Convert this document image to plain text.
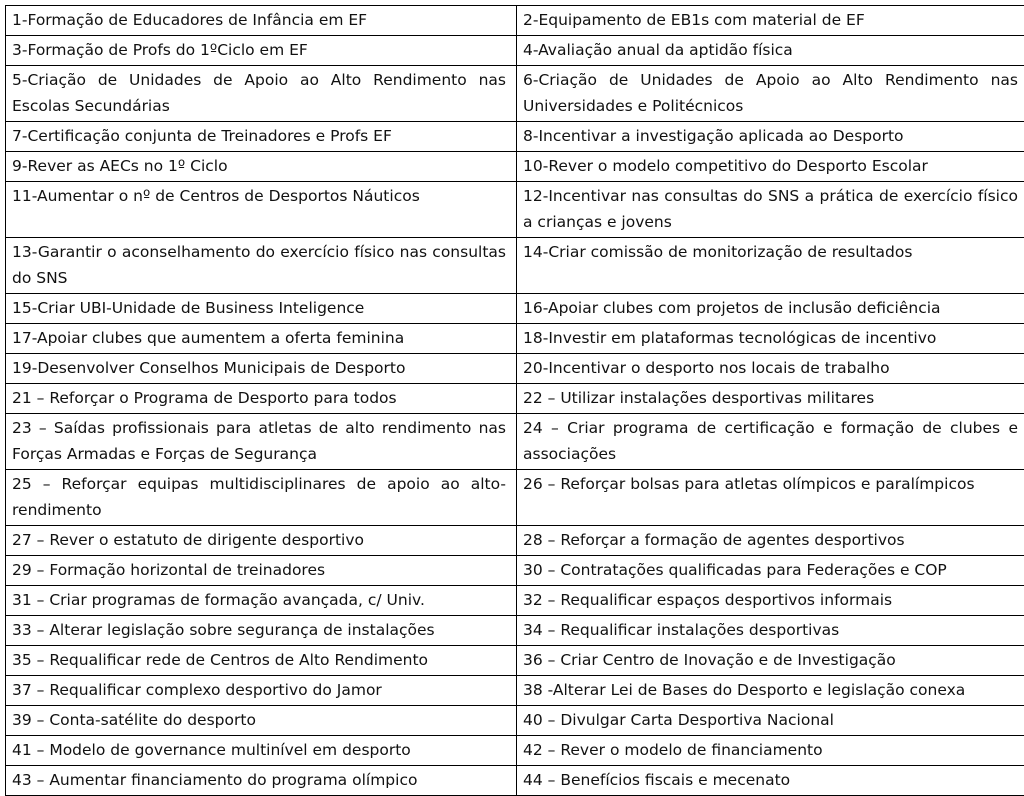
1-Formação de Educadores de Infância em EF	2-Equipamento de EB1s com material de EF
3-Formação de Profs do 1ºCiclo em EF	4-Avaliação anual da aptidão física
5-Criação de Unidades de Apoio ao Alto Rendimento nas Escolas Secundárias	6-Criação de Unidades de Apoio ao Alto Rendimento nas Universidades e Politécnicos
7-Certificação conjunta de Treinadores e Profs EF	8-Incentivar a investigação aplicada ao Desporto
9-Rever as AECs no 1º Ciclo	10-Rever o modelo competitivo do Desporto Escolar
11-Aumentar o nº de Centros de Desportos Náuticos	12-Incentivar nas consultas do SNS a prática de exercício físico a crianças e jovens
13-Garantir o aconselhamento do exercício físico nas consultas do SNS	14-Criar comissão de monitorização de resultados
15-Criar UBI-Unidade de Business Inteligence	16-Apoiar clubes com projetos de inclusão deficiência
17-Apoiar clubes que aumentem a oferta feminina	18-Investir em plataformas tecnológicas de incentivo
19-Desenvolver Conselhos Municipais de Desporto	20-Incentivar o desporto nos locais de trabalho
21 – Reforçar o Programa de Desporto para todos	22 – Utilizar instalações desportivas militares
23 – Saídas profissionais para atletas de alto rendimento nas Forças Armadas e Forças de Segurança	24 – Criar programa de certificação e formação de clubes e associações
25 – Reforçar equipas multidisciplinares de apoio ao alto-rendimento	26 – Reforçar bolsas para atletas olímpicos e paralímpicos
27 – Rever o estatuto de dirigente desportivo	28 – Reforçar a formação de agentes desportivos
29 – Formação horizontal de treinadores	30 – Contratações qualificadas para Federações e COP
31 – Criar programas de formação avançada, c/ Univ.	32 – Requalificar espaços desportivos informais
33 – Alterar legislação sobre segurança de instalações	34 – Requalificar instalações desportivas
35 – Requalificar rede de Centros de Alto Rendimento	36 – Criar Centro de Inovação e de Investigação
37 – Requalificar complexo desportivo do Jamor	38 -Alterar Lei de Bases do Desporto e legislação conexa
39 – Conta-satélite do desporto	40 – Divulgar Carta Desportiva Nacional
41 – Modelo de governance multinível em desporto	42 – Rever o modelo de financiamento
43 – Aumentar financiamento do programa olímpico	44 – Benefícios fiscais e mecenato
